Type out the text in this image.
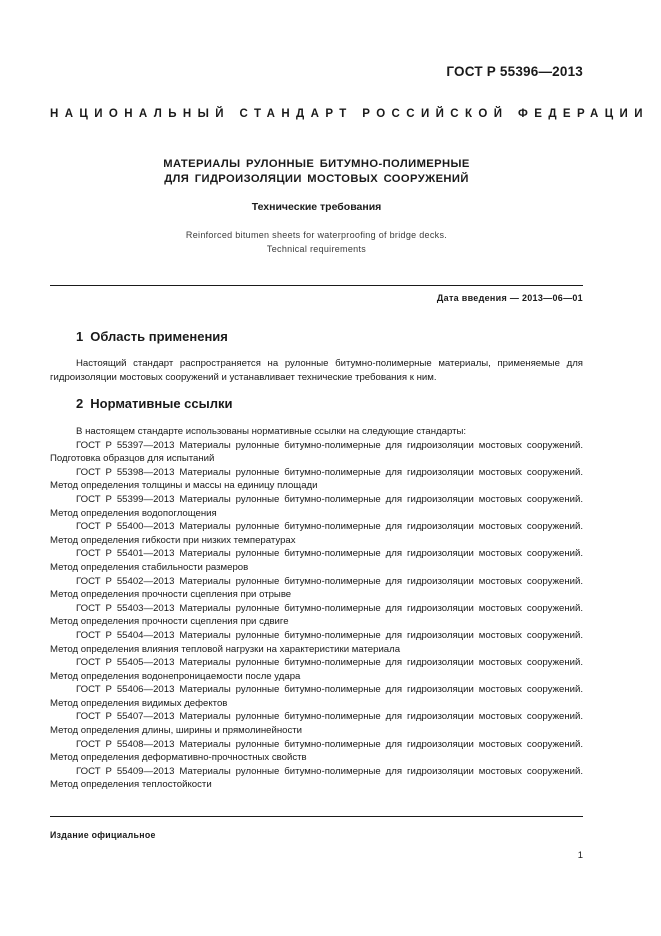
ГОСТ Р 55396—2013
НАЦИОНАЛЬНЫЙ СТАНДАРТ РОССИЙСКОЙ ФЕДЕРАЦИИ
МАТЕРИАЛЫ РУЛОННЫЕ БИТУМНО-ПОЛИМЕРНЫЕ
ДЛЯ ГИДРОИЗОЛЯЦИИ МОСТОВЫХ СООРУЖЕНИЙ
Технические требования
Reinforced bitumen sheets for waterproofing of bridge decks.
Technical requirements
Дата введения — 2013—06—01
1 Область применения
Настоящий стандарт распространяется на рулонные битумно-полимерные материалы, применяемые для гидроизоляции мостовых сооружений и устанавливает технические требования к ним.
2 Нормативные ссылки
В настоящем стандарте использованы нормативные ссылки на следующие стандарты:
ГОСТ Р 55397—2013 Материалы рулонные битумно-полимерные для гидроизоляции мостовых сооружений. Подготовка образцов для испытаний
ГОСТ Р 55398—2013 Материалы рулонные битумно-полимерные для гидроизоляции мостовых сооружений. Метод определения толщины и массы на единицу площади
ГОСТ Р 55399—2013 Материалы рулонные битумно-полимерные для гидроизоляции мостовых сооружений. Метод определения водопоглощения
ГОСТ Р 55400—2013 Материалы рулонные битумно-полимерные для гидроизоляции мостовых сооружений. Метод определения гибкости при низких температурах
ГОСТ Р 55401—2013 Материалы рулонные битумно-полимерные для гидроизоляции мостовых сооружений. Метод определения стабильности размеров
ГОСТ Р 55402—2013 Материалы рулонные битумно-полимерные для гидроизоляции мостовых сооружений. Метод определения прочности сцепления при отрыве
ГОСТ Р 55403—2013 Материалы рулонные битумно-полимерные для гидроизоляции мостовых сооружений. Метод определения прочности сцепления при сдвиге
ГОСТ Р 55404—2013 Материалы рулонные битумно-полимерные для гидроизоляции мостовых сооружений. Метод определения влияния тепловой нагрузки на характеристики материала
ГОСТ Р 55405—2013 Материалы рулонные битумно-полимерные для гидроизоляции мостовых сооружений. Метод определения водонепроницаемости после удара
ГОСТ Р 55406—2013 Материалы рулонные битумно-полимерные для гидроизоляции мостовых сооружений. Метод определения видимых дефектов
ГОСТ Р 55407—2013 Материалы рулонные битумно-полимерные для гидроизоляции мостовых сооружений. Метод определения длины, ширины и прямолинейности
ГОСТ Р 55408—2013 Материалы рулонные битумно-полимерные для гидроизоляции мостовых сооружений. Метод определения деформативно-прочностных свойств
ГОСТ Р 55409—2013 Материалы рулонные битумно-полимерные для гидроизоляции мостовых сооружений. Метод определения теплостойкости
Издание официальное
1
